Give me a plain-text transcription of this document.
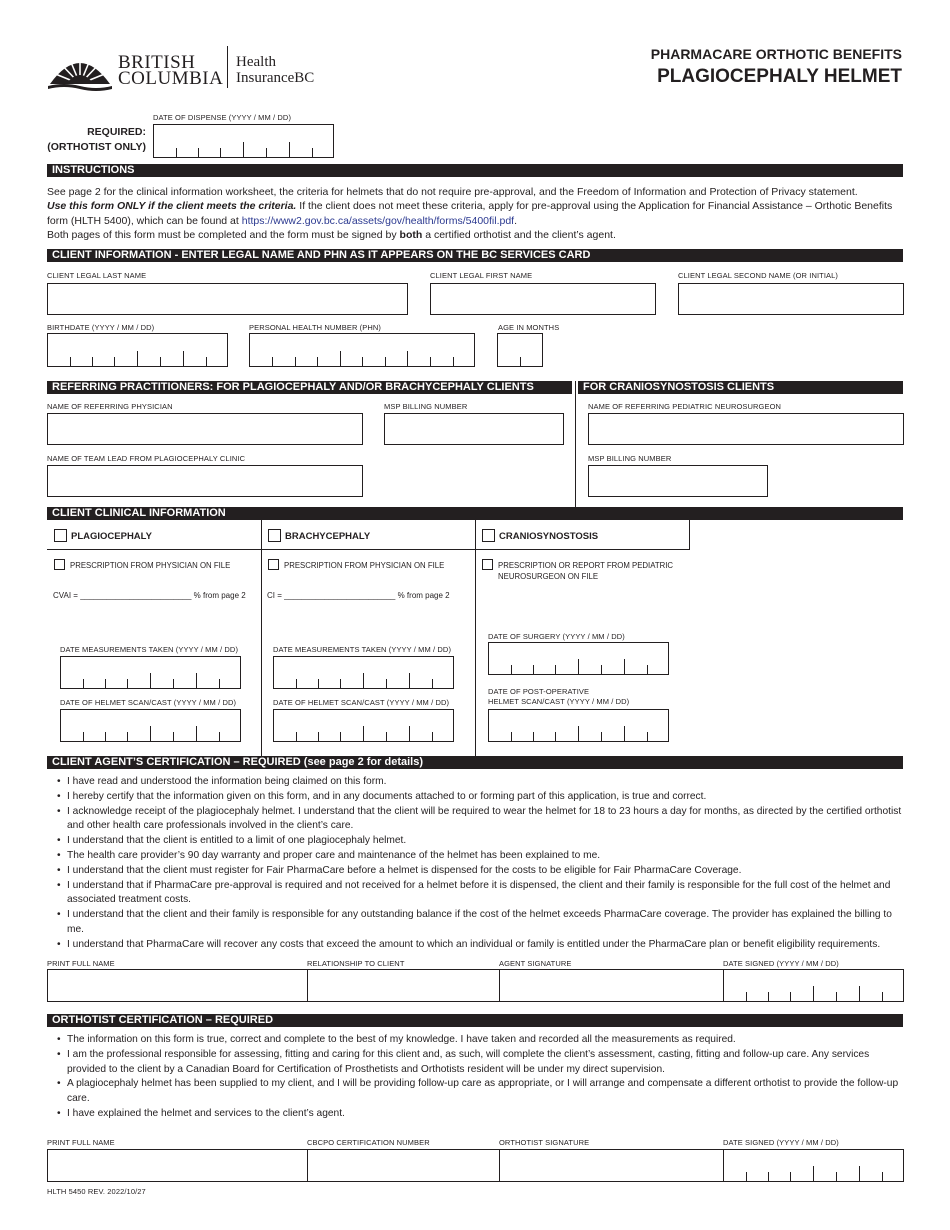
BRITISH
COLUMBIA
Health
InsuranceBC
PHARMACARE ORTHOTIC BENEFITS
PLAGIOCEPHALY HELMET
REQUIRED:
(ORTHOTIST ONLY)
DATE OF DISPENSE (YYYY / MM / DD)
INSTRUCTIONS
See page 2 for the clinical information worksheet, the criteria for helmets that do not require pre-approval, and the Freedom of Information and Protection of Privacy statement.
Use this form ONLY if the client meets the criteria. If the client does not meet these criteria, apply for pre-approval using the Application for Financial Assistance – Orthotic Benefits form (HLTH 5400), which can be found at https://www2.gov.bc.ca/assets/gov/health/forms/5400fil.pdf.
Both pages of this form must be completed and the form must be signed by both a certified orthotist and the client’s agent.
CLIENT INFORMATION - ENTER LEGAL NAME AND PHN AS IT APPEARS ON THE BC SERVICES CARD
CLIENT LEGAL LAST NAME	CLIENT LEGAL FIRST NAME	CLIENT LEGAL SECOND NAME (OR INITIAL)
BIRTHDATE (YYYY / MM / DD)	PERSONAL HEALTH NUMBER (PHN)	AGE IN MONTHS
REFERRING PRACTITIONERS: FOR PLAGIOCEPHALY AND/OR BRACHYCEPHALY CLIENTS	FOR CRANIOSYNOSTOSIS CLIENTS
NAME OF REFERRING PHYSICIAN	MSP BILLING NUMBER
NAME OF TEAM LEAD FROM PLAGIOCEPHALY CLINIC
NAME OF REFERRING PEDIATRIC NEUROSURGEON
MSP BILLING NUMBER
CLIENT CLINICAL INFORMATION
PLAGIOCEPHALY
PRESCRIPTION FROM PHYSICIAN ON FILE
CVAI = _________________________ % from page 2
DATE MEASUREMENTS TAKEN (YYYY / MM / DD)
DATE OF HELMET SCAN/CAST (YYYY / MM / DD)
BRACHYCEPHALY
PRESCRIPTION FROM PHYSICIAN ON FILE
CI = _________________________ % from page 2
DATE MEASUREMENTS TAKEN (YYYY / MM / DD)
DATE OF HELMET SCAN/CAST (YYYY / MM / DD)
CRANIOSYNOSTOSIS
PRESCRIPTION OR REPORT FROM PEDIATRIC
NEUROSURGEON ON FILE
DATE OF SURGERY (YYYY / MM / DD)
DATE OF POST-OPERATIVE
HELMET SCAN/CAST (YYYY / MM / DD)
CLIENT AGENT’S CERTIFICATION – REQUIRED (see page 2 for details)
• I have read and understood the information being claimed on this form.
• I hereby certify that the information given on this form, and in any documents attached to or forming part of this application, is true and correct.
• I acknowledge receipt of the plagiocephaly helmet. I understand that the client will be required to wear the helmet for 18 to 23 hours a day for months, as directed by the certified orthotist and other health care professionals involved in the client’s care.
• I understand that the client is entitled to a limit of one plagiocephaly helmet.
• The health care provider’s 90 day warranty and proper care and maintenance of the helmet has been explained to me.
• I understand that the client must register for Fair PharmaCare before a helmet is dispensed for the costs to be eligible for Fair PharmaCare Coverage.
• I understand that if PharmaCare pre-approval is required and not received for a helmet before it is dispensed, the client and their family is responsible for the full cost of the helmet and associated treatment costs.
• I understand that the client and their family is responsible for any outstanding balance if the cost of the helmet exceeds PharmaCare coverage. The provider has explained the billing to me.
• I understand that PharmaCare will recover any costs that exceed the amount to which an individual or family is entitled under the PharmaCare plan or benefit eligibility requirements.
PRINT FULL NAME	RELATIONSHIP TO CLIENT	AGENT SIGNATURE	DATE SIGNED (YYYY / MM / DD)
ORTHOTIST CERTIFICATION – REQUIRED
• The information on this form is true, correct and complete to the best of my knowledge. I have taken and recorded all the measurements as required.
• I am the professional responsible for assessing, fitting and caring for this client and, as such, will complete the client’s assessment, casting, fitting and follow-up care. Any services provided to the client by a Canadian Board for Certification of Prosthetists and Orthotists resident will be under my direct supervision.
• A plagiocephaly helmet has been supplied to my client, and I will be providing follow-up care as appropriate, or I will arrange and compensate a different orthotist to provide the follow-up care.
• I have explained the helmet and services to the client’s agent.
PRINT FULL NAME	CBCPO CERTIFICATION NUMBER	ORTHOTIST SIGNATURE	DATE SIGNED (YYYY / MM / DD)
HLTH 5450 REV. 2022/10/27
